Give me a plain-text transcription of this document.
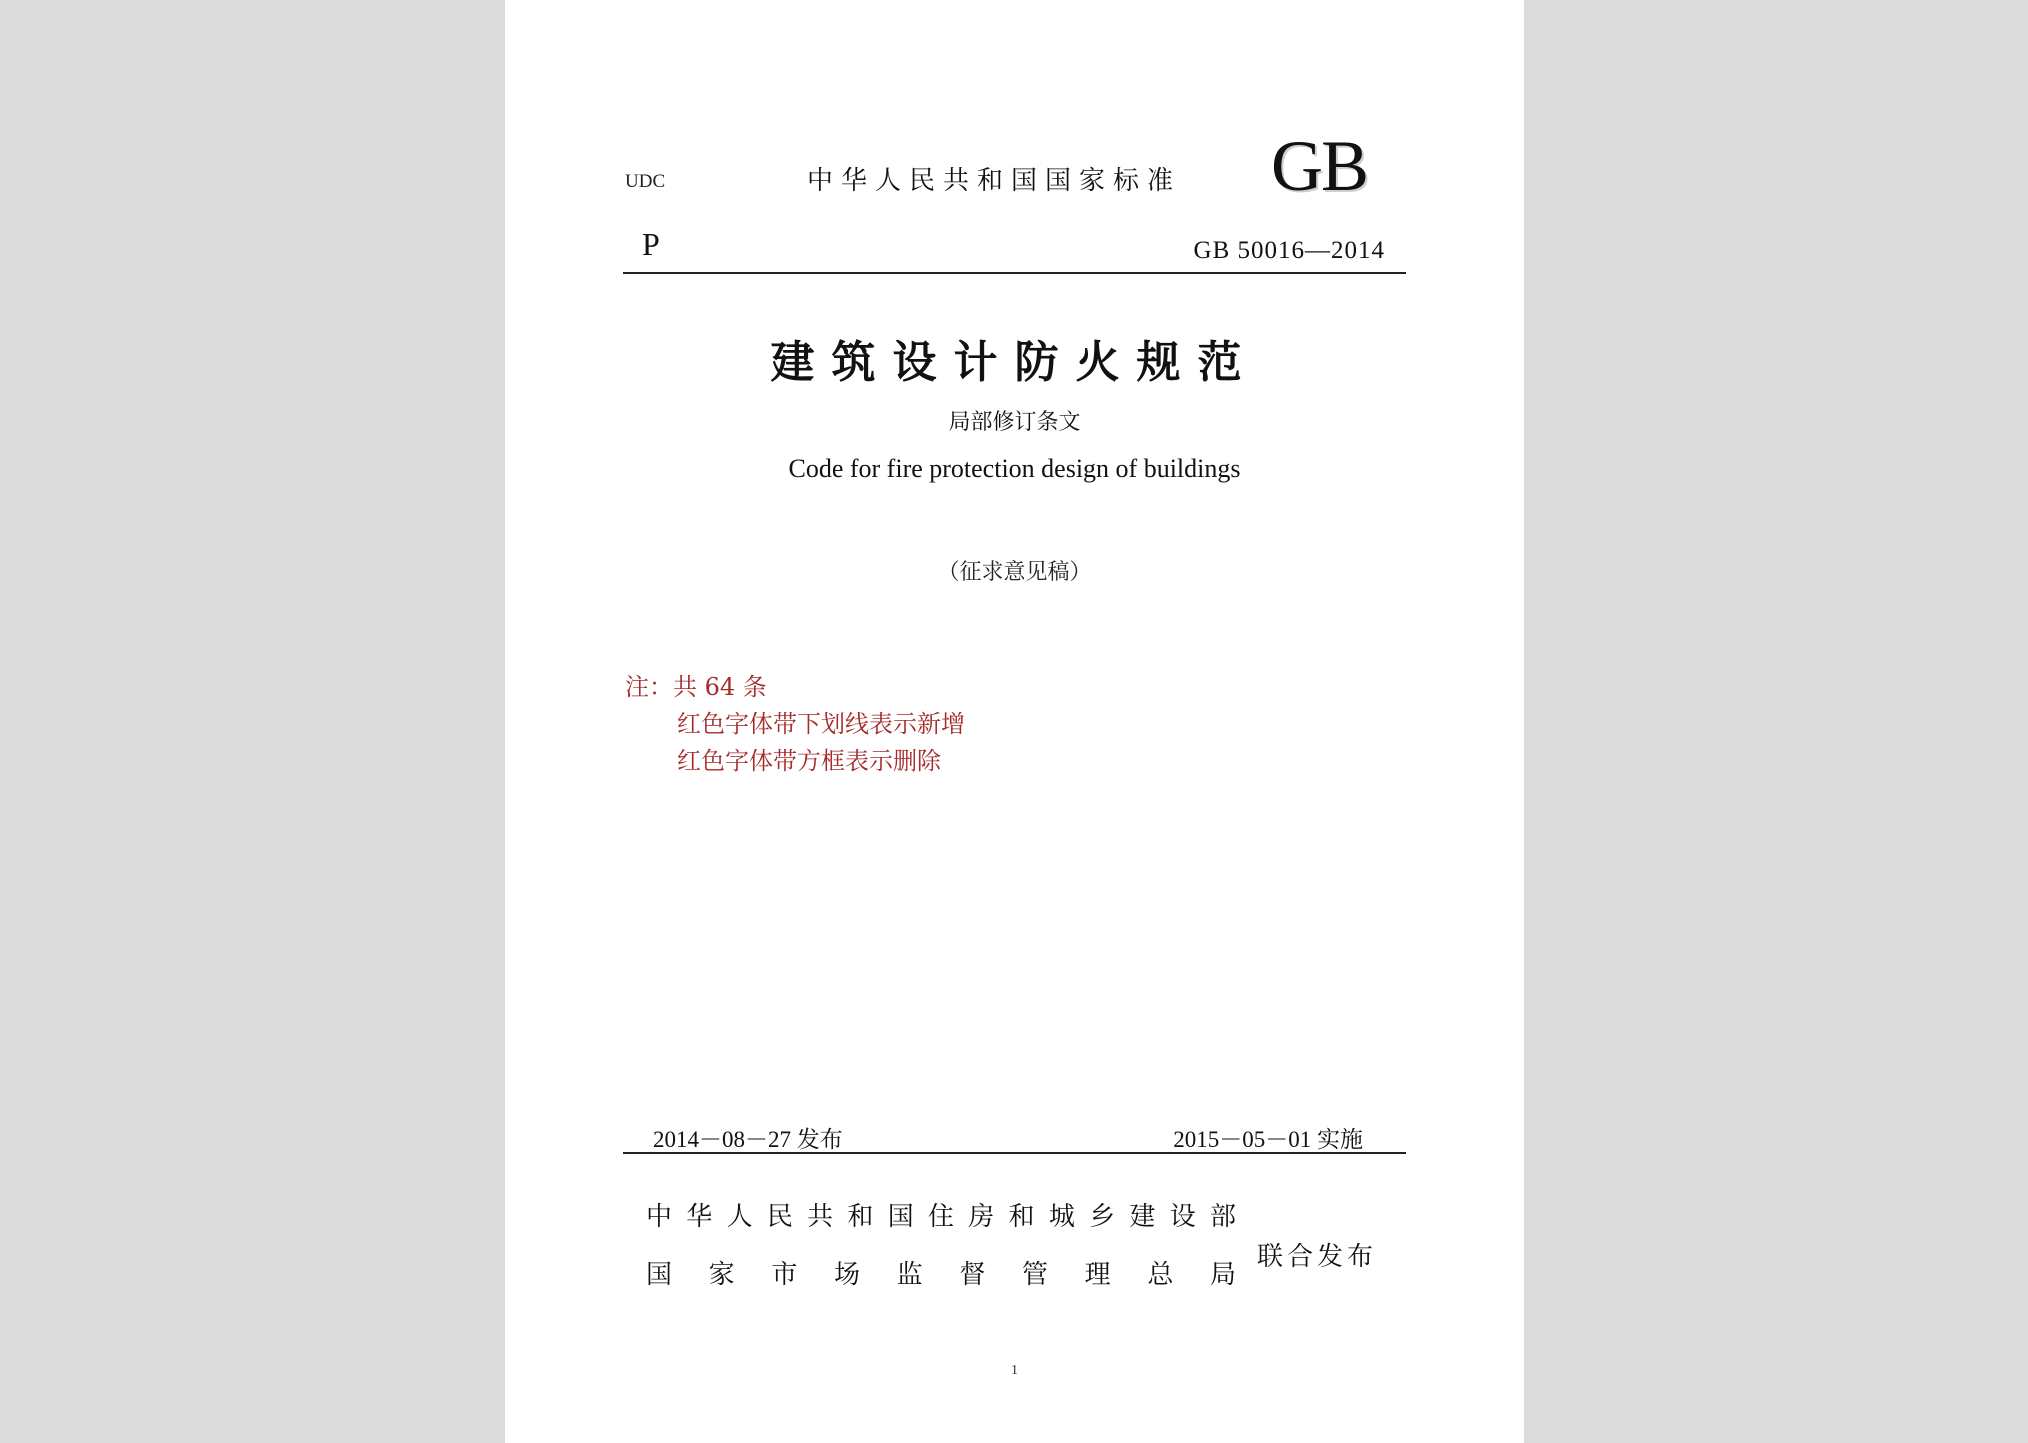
UDC	中华人民共和国国家标准 GB
P	GB 50016—2014
建筑设计防火规范
局部修订条文
Code for fire protection design of buildings
（征求意见稿）
注：共 64 条
红色字体带下划线表示新增
红色字体带方框表示删除
2014－08－27 发布	2015－05－01 实施
中华人民共和国住房和城乡建设部
国家市场监督管理总局
联合发布
1
